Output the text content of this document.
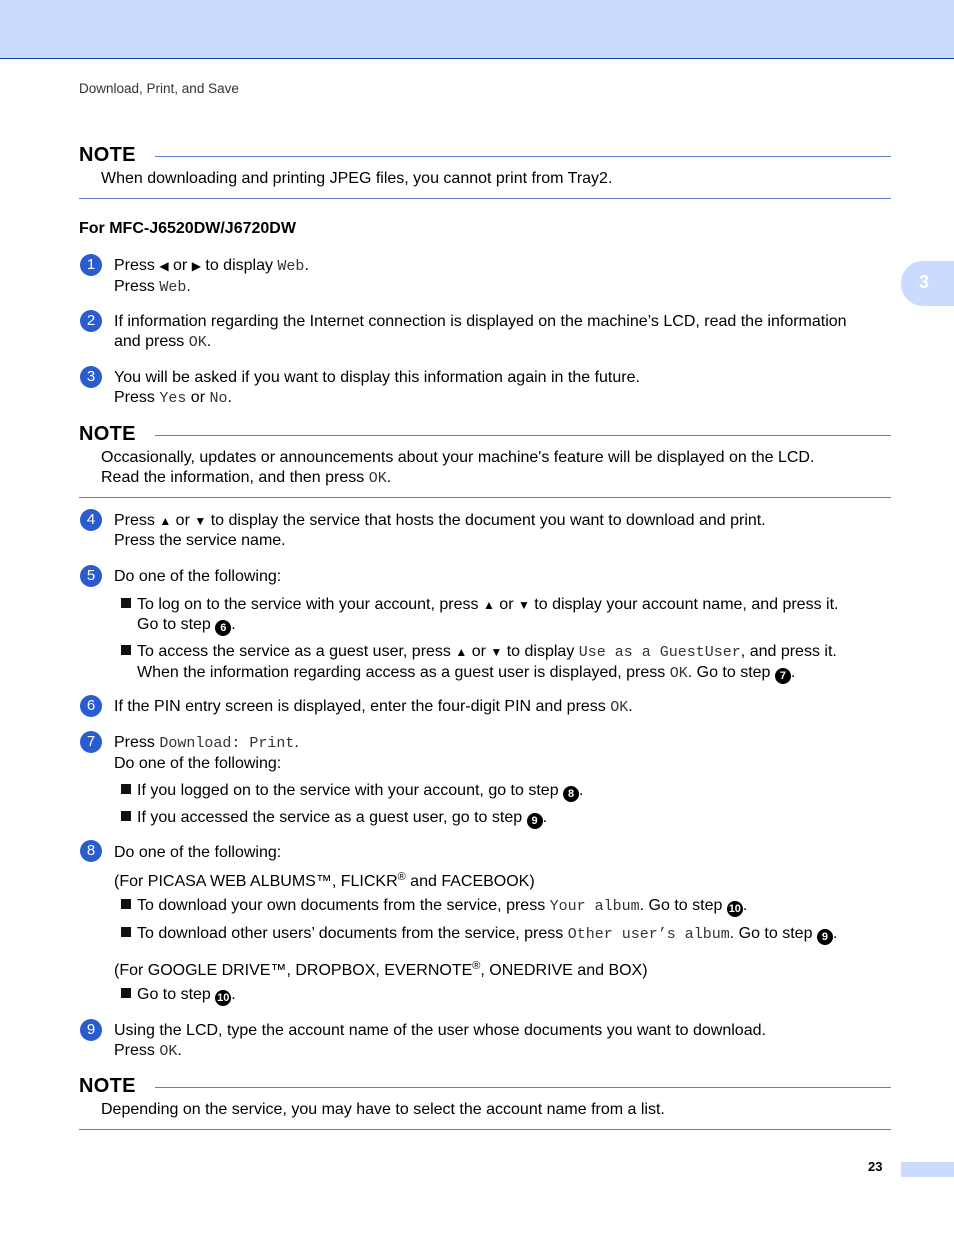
Download, Print, and Save
3
NOTE
When downloading and printing JPEG files, you cannot print from Tray2.
For MFC-J6520DW/J6720DW
1	Press ◀ or ▶ to display Web.
Press Web.
2	If information regarding the Internet connection is displayed on the machine’s LCD, read the information
and press OK.
3	You will be asked if you want to display this information again in the future.
Press Yes or No.
NOTE
Occasionally, updates or announcements about your machine's feature will be displayed on the LCD.
Read the information, and then press OK.
4	Press ▲ or ▼ to display the service that hosts the document you want to download and print.
Press the service name.
5	Do one of the following:
To log on to the service with your account, press ▲ or ▼ to display your account name, and press it.
Go to step 6 .
To access the service as a guest user, press ▲ or ▼ to display Use as a GuestUser, and press it.
When the information regarding access as a guest user is displayed, press OK. Go to step 7 .
6	If the PIN entry screen is displayed, enter the four-digit PIN and press OK.
7	Press Download: Print.
Do one of the following:
If you logged on to the service with your account, go to step 8 .
If you accessed the service as a guest user, go to step 9 .
8	Do one of the following:
(For PICASA WEB ALBUMS™, FLICKR® and FACEBOOK)
To download your own documents from the service, press Your album. Go to step 10 .
To download other users’ documents from the service, press Other user’s album. Go to step 9 .
(For GOOGLE DRIVE™, DROPBOX, EVERNOTE®, ONEDRIVE and BOX)
Go to step 10 .
9	Using the LCD, type the account name of the user whose documents you want to download.
Press OK.
NOTE
Depending on the service, you may have to select the account name from a list.
23
